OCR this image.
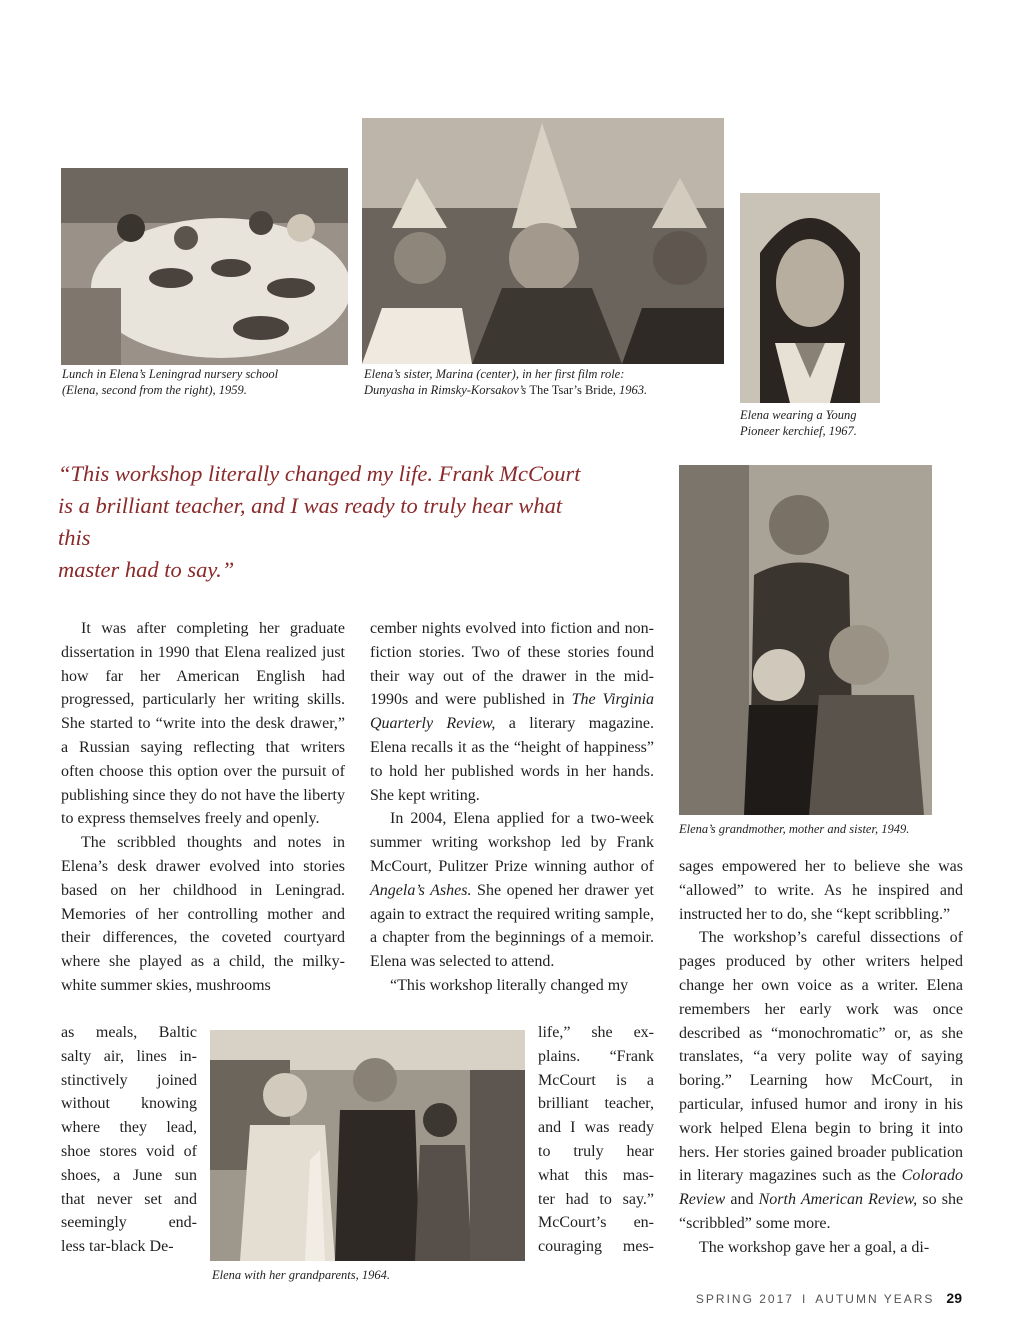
Lunch in Elena’s Leningrad nursery school
(Elena, second from the right), 1959.
Elena’s sister, Marina (center), in her first film role:
Dunyasha in Rimsky-Korsakov’s The Tsar’s Bride, 1963.
Elena wearing a Young
Pioneer kerchief, 1967.
Elena’s grandmother, mother and sister, 1949.
Elena with her grandparents, 1964.
“This workshop literally changed my life. Frank McCourt
is a brilliant teacher, and I was ready to truly hear what this
master had to say.”

It was after completing her graduate dissertation in 1990 that Elena realized just how far her American English had progressed, particularly her writing skills. She started to “write into the desk drawer,” a Russian saying reflecting that writers often choose this option over the pursuit of publishing since they do not have the liberty to express themselves freely and openly.

The scribbled thoughts and notes in Elena’s desk drawer evolved into stories based on her childhood in Leningrad. Memories of her controlling mother and their differences, the coveted courtyard where she played as a child, the milky-white summer skies, mushrooms

as meals, Baltic

salty air, lines in-

stinctively joined

without knowing

where they lead,

shoe stores void of

shoes, a June sun

that never set and

seemingly end-

less tar-black De-

cember nights evolved into fiction and non-fiction stories. Two of these stories found their way out of the drawer in the mid-1990s and were published in The Virginia Quarterly Review, a literary magazine. Elena recalls it as the “height of happiness” to hold her published words in her hands. She kept writing.

In 2004, Elena applied for a two-week summer writing workshop led by Frank McCourt, Pulitzer Prize winning author of Angela’s Ashes. She opened her drawer yet again to extract the required writing sample, a chapter from the beginnings of a memoir. Elena was selected to attend.

“This workshop literally changed my

life,” she ex-

plains. “Frank

McCourt is a

brilliant teacher,

and I was ready

to truly hear

what this mas-

ter had to say.”

McCourt’s en-

couraging mes-

sages empowered her to believe she was “allowed” to write. As he inspired and instructed her to do, she “kept scribbling.”

The workshop’s careful dissections of pages produced by other writers helped change her own voice as a writer. Elena remembers her early work was once described as “monochromatic” or, as she translates, “a very polite way of saying boring.” Learning how McCourt, in particular, infused humor and irony in his work helped Elena begin to bring it into hers. Her stories gained broader publication in literary magazines such as the Colorado Review and North American Review, so she “scribbled” some more.

The workshop gave her a goal, a di-

SPRING 2017 I AUTUMN YEARS 29
